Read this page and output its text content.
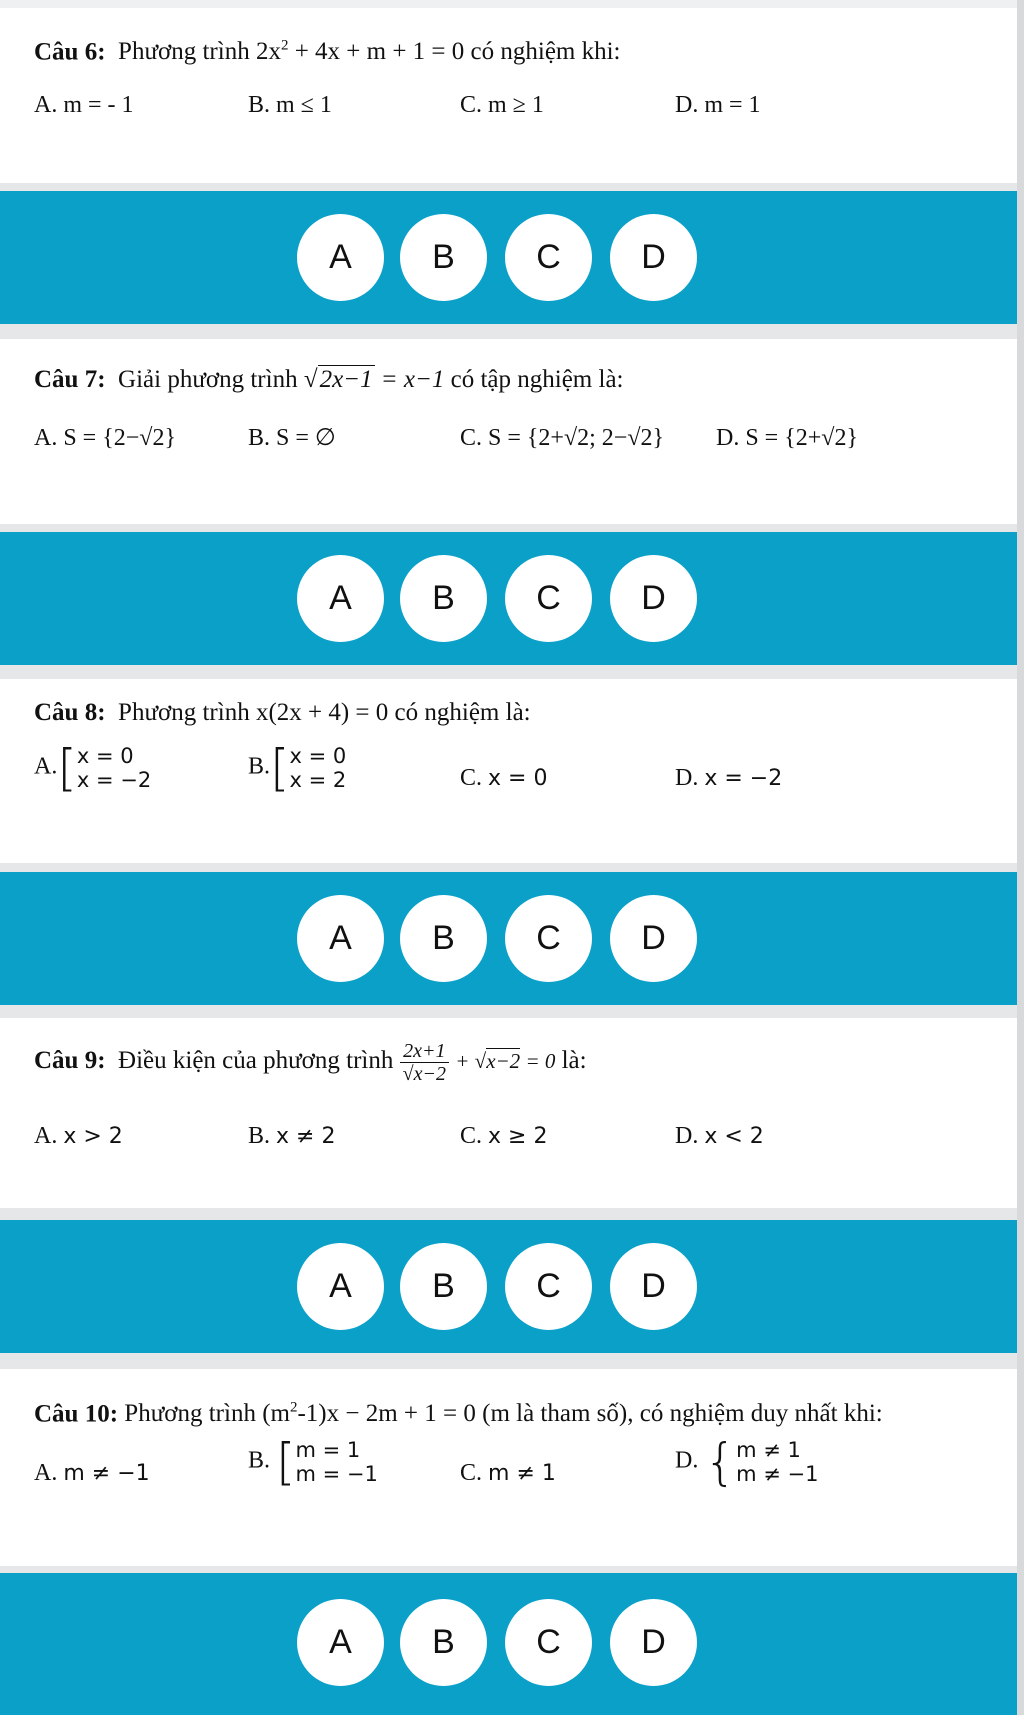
Câu 6: Phương trình $2x^2 + 4x + m + 1 = 0$ có nghiệm khi:
A. m = - 1	B. m ≤ 1	C. m ≥ 1	D. m = 1
A	B	C	D
Câu 7: Giải phương trình √2x−1 = x−1 có tập nghiệm là:
A. S = {2−√2}	B. S = ∅	C. S = {2+√2; 2−√2} D. S = {2+√2}
A	B	C	D
Câu 8: Phương trình x(2x + 4) = 0 có nghiệm là:
A.[x = 0
x = −2
B.[x = 0
x = 2	C. x = 0	D. x = −2
A	B	C	D
Câu 9: Điều kiện của phương trình $\frac{2x+1}{√x-2} + √x-2 = 0$ là:
A. x > 2	B. x ≠ 2	C. x ≥ 2	D. x < 2
A	B	C	D
Câu 10: Phương trình $(m^2-1)x - 2m + 1 = 0$ (m là tham số), có nghiệm duy nhất khi:
A. m ≠ −1	B. [m = 1
m = −1	C. m ≠ 1	D. {m ≠ 1
m ≠ −1
A	B	C	D
